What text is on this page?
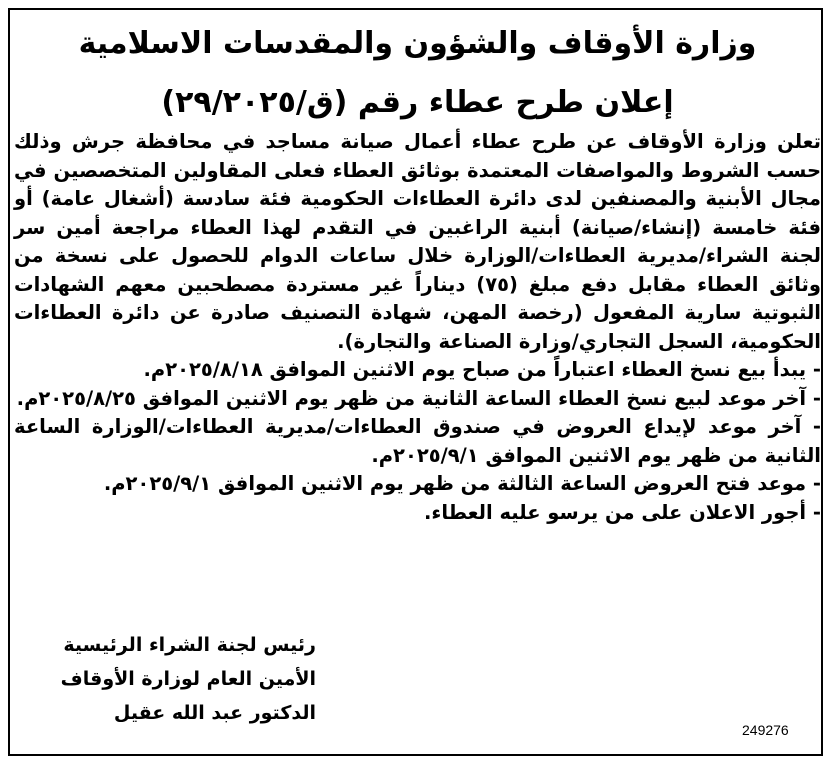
وزارة الأوقاف والشؤون والمقدسات الاسلامية
إعلان طرح عطاء رقم (ق/٢٩/٢٠٢٥)

تعلن وزارة الأوقاف عن طرح عطاء أعمال صيانة مساجد في محافظة جرش وذلك حسب الشروط والمواصفات المعتمدة بوثائق العطاء فعلى المقاولين المتخصصين في مجال الأبنية والمصنفين لدى دائرة العطاءات الحكومية فئة سادسة (أشغال عامة) أو فئة خامسة (إنشاء/صيانة) أبنية الراغبين في التقدم لهذا العطاء مراجعة أمين سر لجنة الشراء/مديرية العطاءات/الوزارة خلال ساعات الدوام للحصول على نسخة من وثائق العطاء مقابل دفع مبلغ (٧٥) ديناراً غير مستردة مصطحبين معهم الشهادات الثبوتية سارية المفعول (رخصة المهن، شهادة التصنيف صادرة عن دائرة العطاءات الحكومية، السجل التجاري/وزارة الصناعة والتجارة).

- يبدأ بيع نسخ العطاء اعتباراً من صباح يوم الاثنين الموافق ٢٠٢٥/٨/١٨م.

- آخر موعد لبيع نسخ العطاء الساعة الثانية من ظهر يوم الاثنين الموافق ٢٠٢٥/٨/٢٥م.

- آخر موعد لإيداع العروض في صندوق العطاءات/مديرية العطاءات/الوزارة الساعة الثانية من ظهر يوم الاثنين الموافق ٢٠٢٥/٩/١م.

- موعد فتح العروض الساعة الثالثة من ظهر يوم الاثنين الموافق ٢٠٢٥/٩/١م.

- أجور الاعلان على من يرسو عليه العطاء.

رئيس لجنة الشراء الرئيسية
الأمين العام لوزارة الأوقاف
الدكتور عبد الله عقيل
249276
